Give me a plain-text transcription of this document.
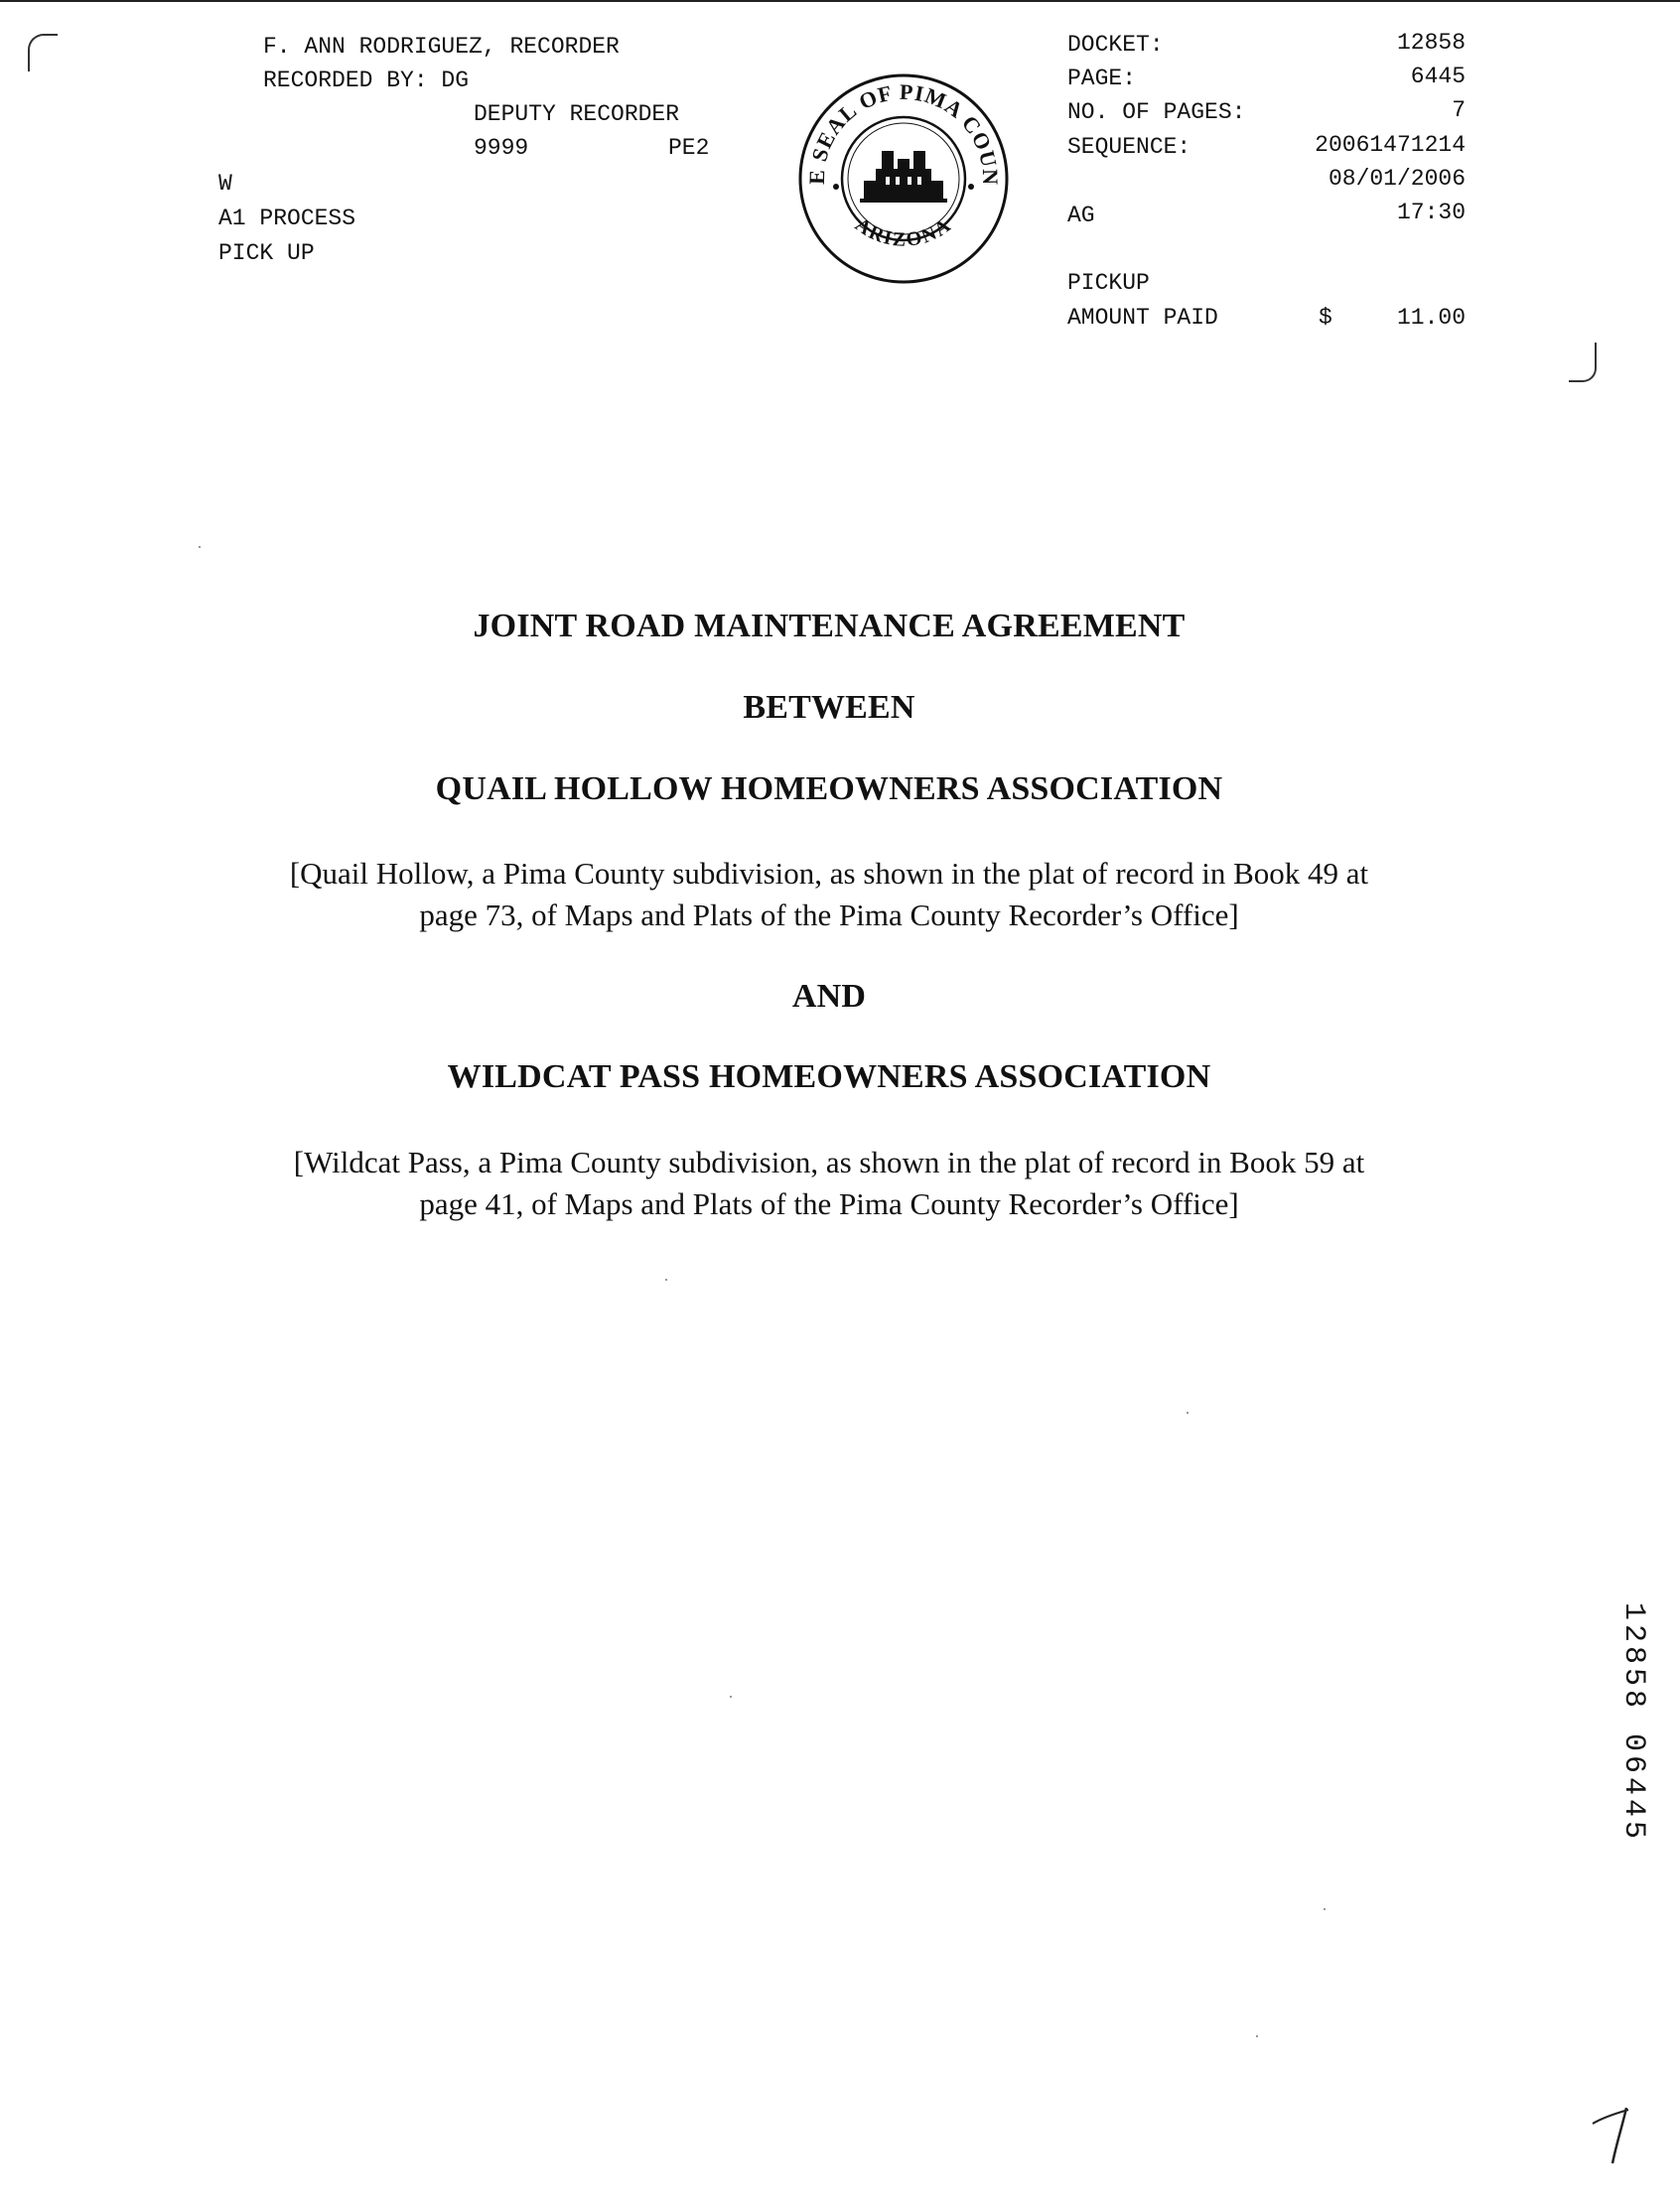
F. ANN RODRIGUEZ, RECORDER
RECORDED BY: DG
DEPUTY RECORDER
9999	PE2
W
A1 PROCESS
PICK UP
E SEAL OF PIMA COUN
ARIZONA
DOCKET:	12858
PAGE:	6445
NO. OF PAGES:	7
SEQUENCE:	20061471214
08/01/2006
AG	17:30
PICKUP
AMOUNT PAID	$	11.00
JOINT ROAD MAINTENANCE AGREEMENT
BETWEEN
QUAIL HOLLOW HOMEOWNERS ASSOCIATION
[Quail Hollow, a Pima County subdivision, as shown in the plat of record in Book 49 at
page 73, of Maps and Plats of the Pima County Recorder’s Office]
AND
WILDCAT PASS HOMEOWNERS ASSOCIATION
[Wildcat Pass, a Pima County subdivision, as shown in the plat of record in Book 59 at
page 41, of Maps and Plats of the Pima County Recorder’s Office]
1
2
8
5
8
0
6
4
4
5
